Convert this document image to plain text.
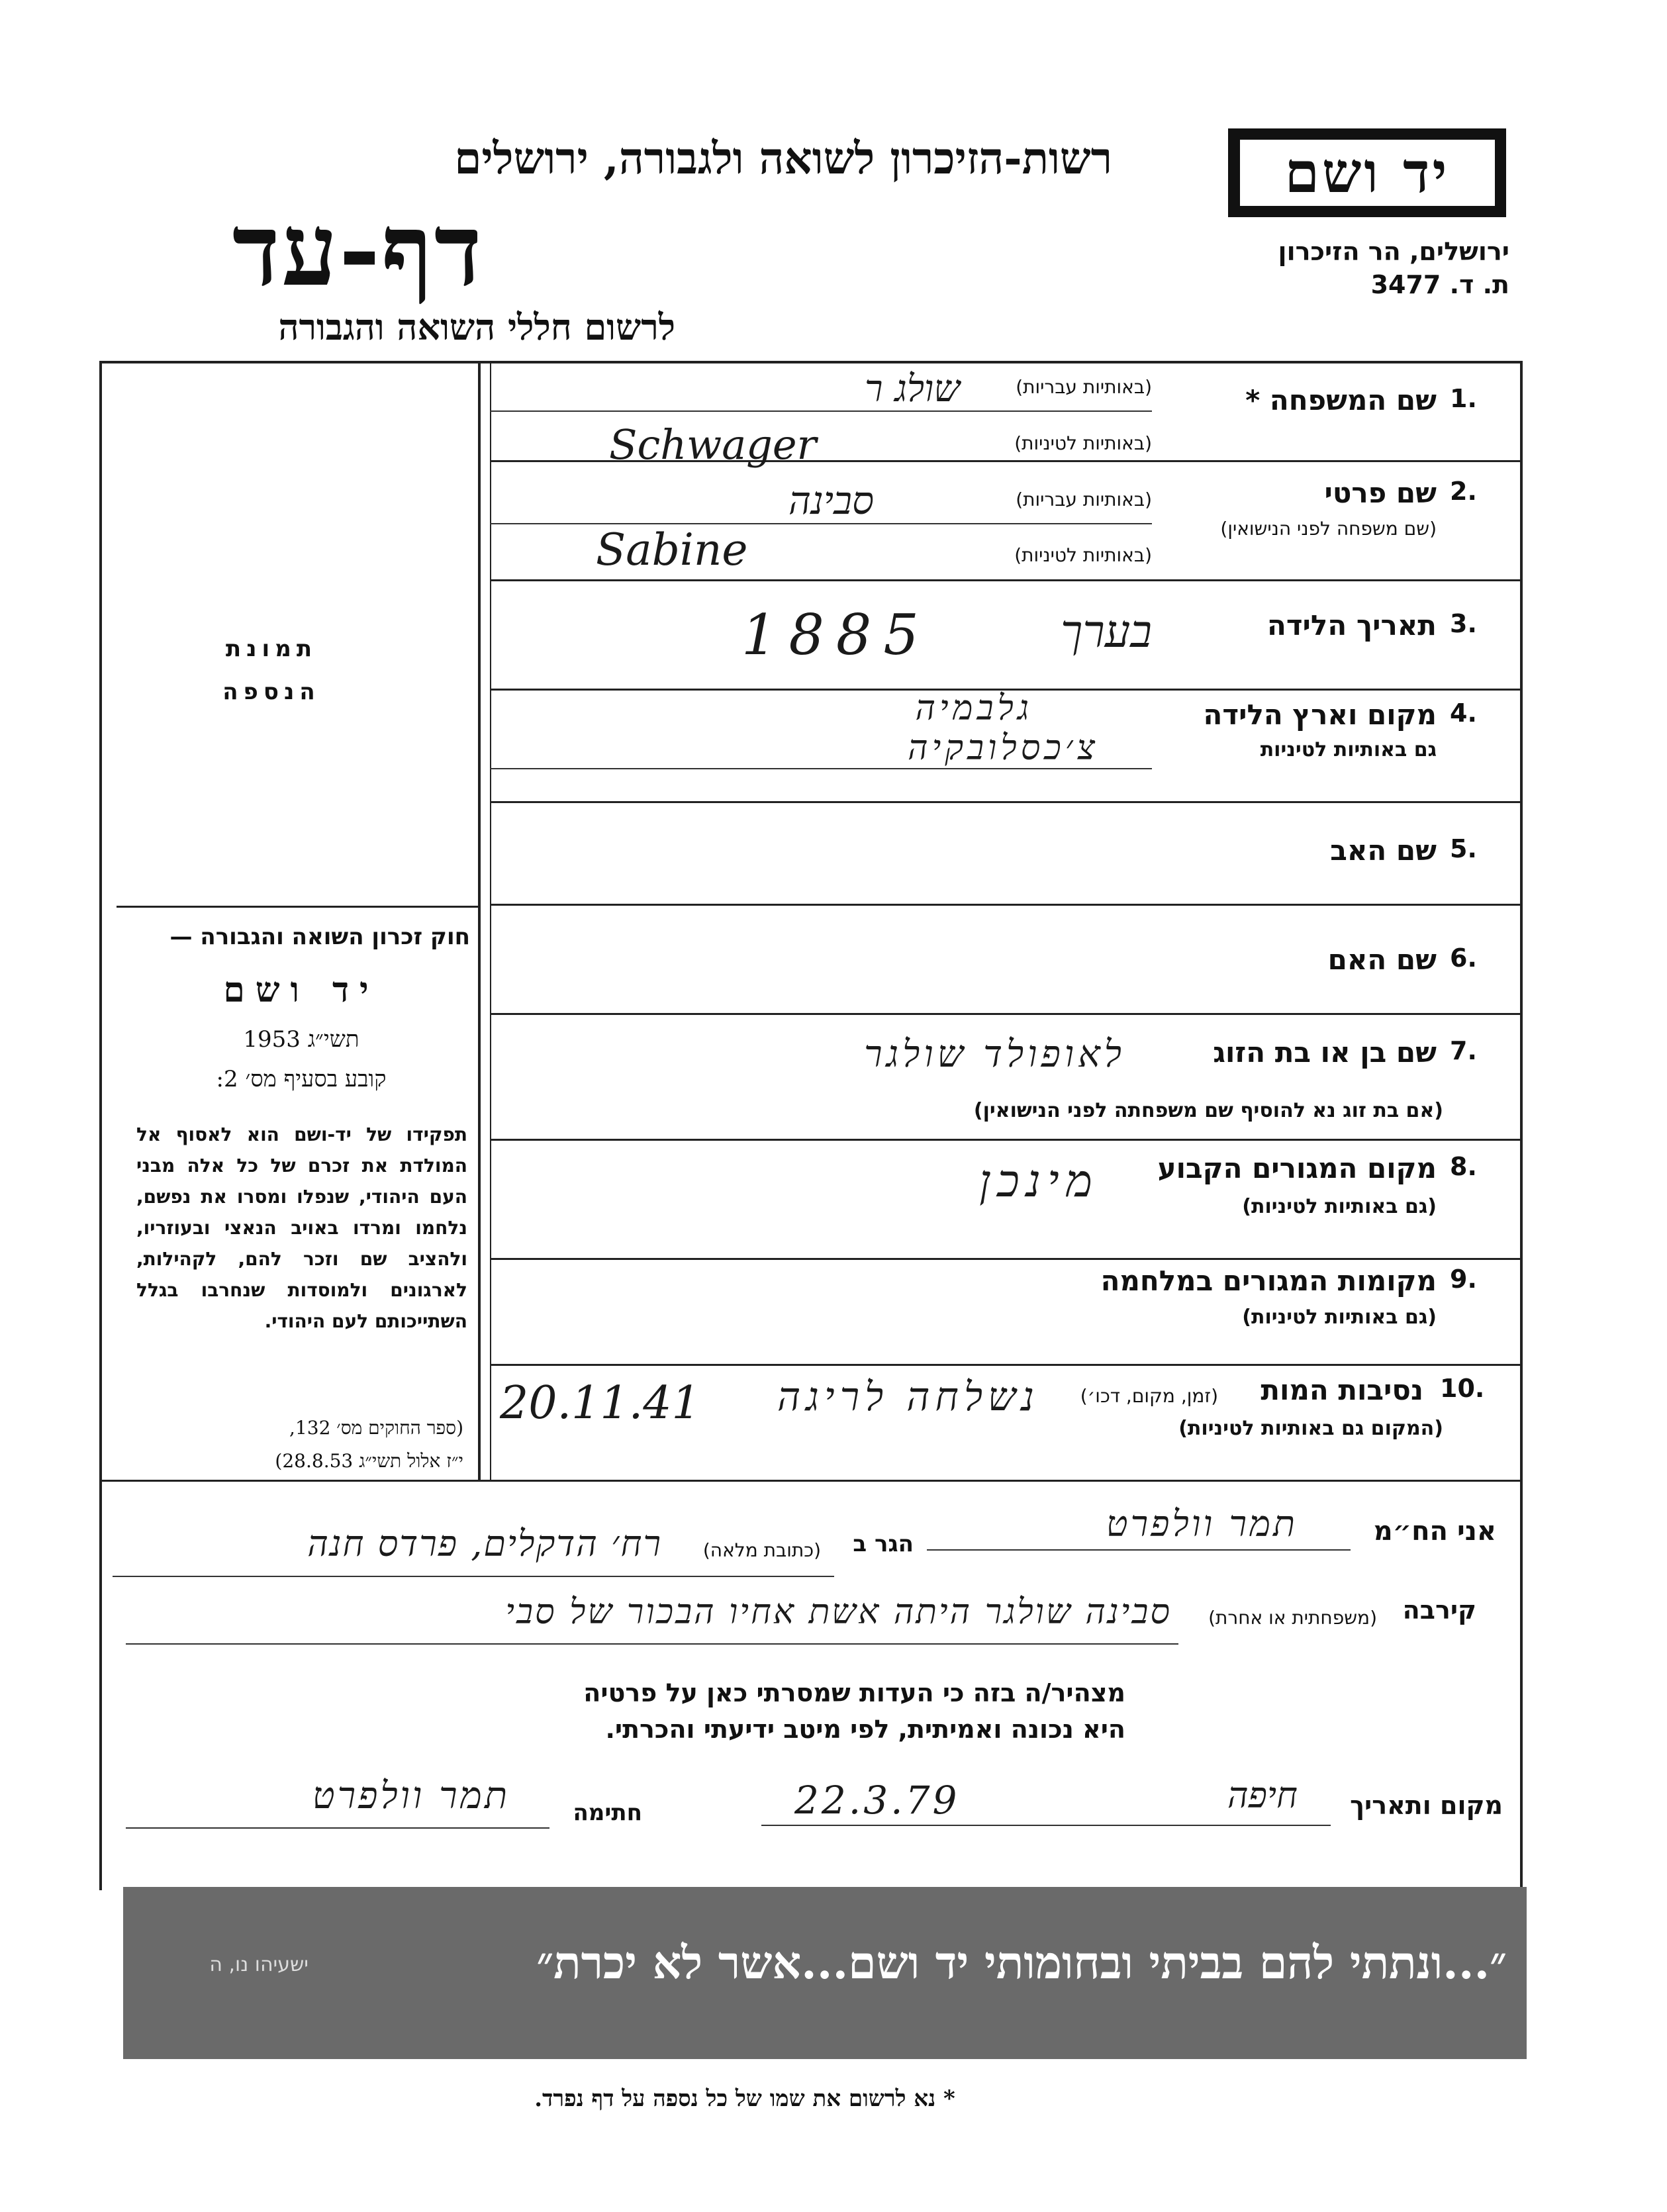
רשות-הזיכרון לשואה ולגבורה, ירושלים
דף-עד
לרשום חללי השואה והגבורה
יד ושם
ירושלים, הר הזיכרון
ת. ד. 3477
1.
שם המשפחה *
(באותיות עבריות)
שולג ר
(באותיות לטיניות)
Schwager
2.
שם פרטי
(שם משפחה לפני הנישואין)
(באותיות עבריות)
סבינה
(באותיות לטיניות)
Sabine
3.
תאריך הלידה
1885	בערך
4.
מקום וארץ הלידה
גם באותיות לטיניות
גלבמיה
צ׳כסלובקיה
5.
שם האב
6.
שם האם
7.
שם בן או בת הזוג
(אם בת זוג נא להוסיף שם משפחתה לפני הנישואין)
לאופולד שולגר
8.
מקום המגורים הקבוע
(גם באותיות לטיניות)
מינכן
9.
מקומות המגורים במלחמה
(גם באותיות לטיניות)
10.
נסיבות המות
(זמן, מקום, דכו׳)
(המקום גם באותיות לטיניות)
20.11.41	נשלחה לריגה
תמונת
הנספה
חוק זכרון השואה והגבורה —
יד ושם
תשי״ג 1953
קובע בסעיף מס׳ 2:
תפקידו של יד-ושם הוא לאסוף אל המולדת את זכרם של כל אלה מבני העם היהודי, שנפלו ומסרו את נפשם, נלחמו ומרדו באויב הנאצי ובעוזריו, ולהציב שם וזכר להם, לקהילות, לארגונים ולמוסדות שנחרבו בגלל השתייכותם לעם היהודי.
(ספר החוקים מס׳ 132,
י״ז אלול תשי״ג 28.8.53)
אני הח״מ
תמר וולפרט
הגר ב
(כתובת מלאה)
רח׳ הדקלים, פרדס חנה
קירבה
(משפחתית או אחרת)
סבינה שולגר היתה אשת אחיו הבכור של סבי
מצהיר/ה בזה כי העדות שמסרתי כאן על פרטיה
היא נכונה ואמיתית, לפי מיטב ידיעתי והכרתי.
מקום ותאריך
חיפה
22.3.79
חתימה
תמר וולפרט
״...ונתתי להם בביתי ובחומותי יד ושם...אשר לא יכרת״
ישעיהו נו, ה
* נא לרשום את שמו של כל נספה על דף נפרד.
